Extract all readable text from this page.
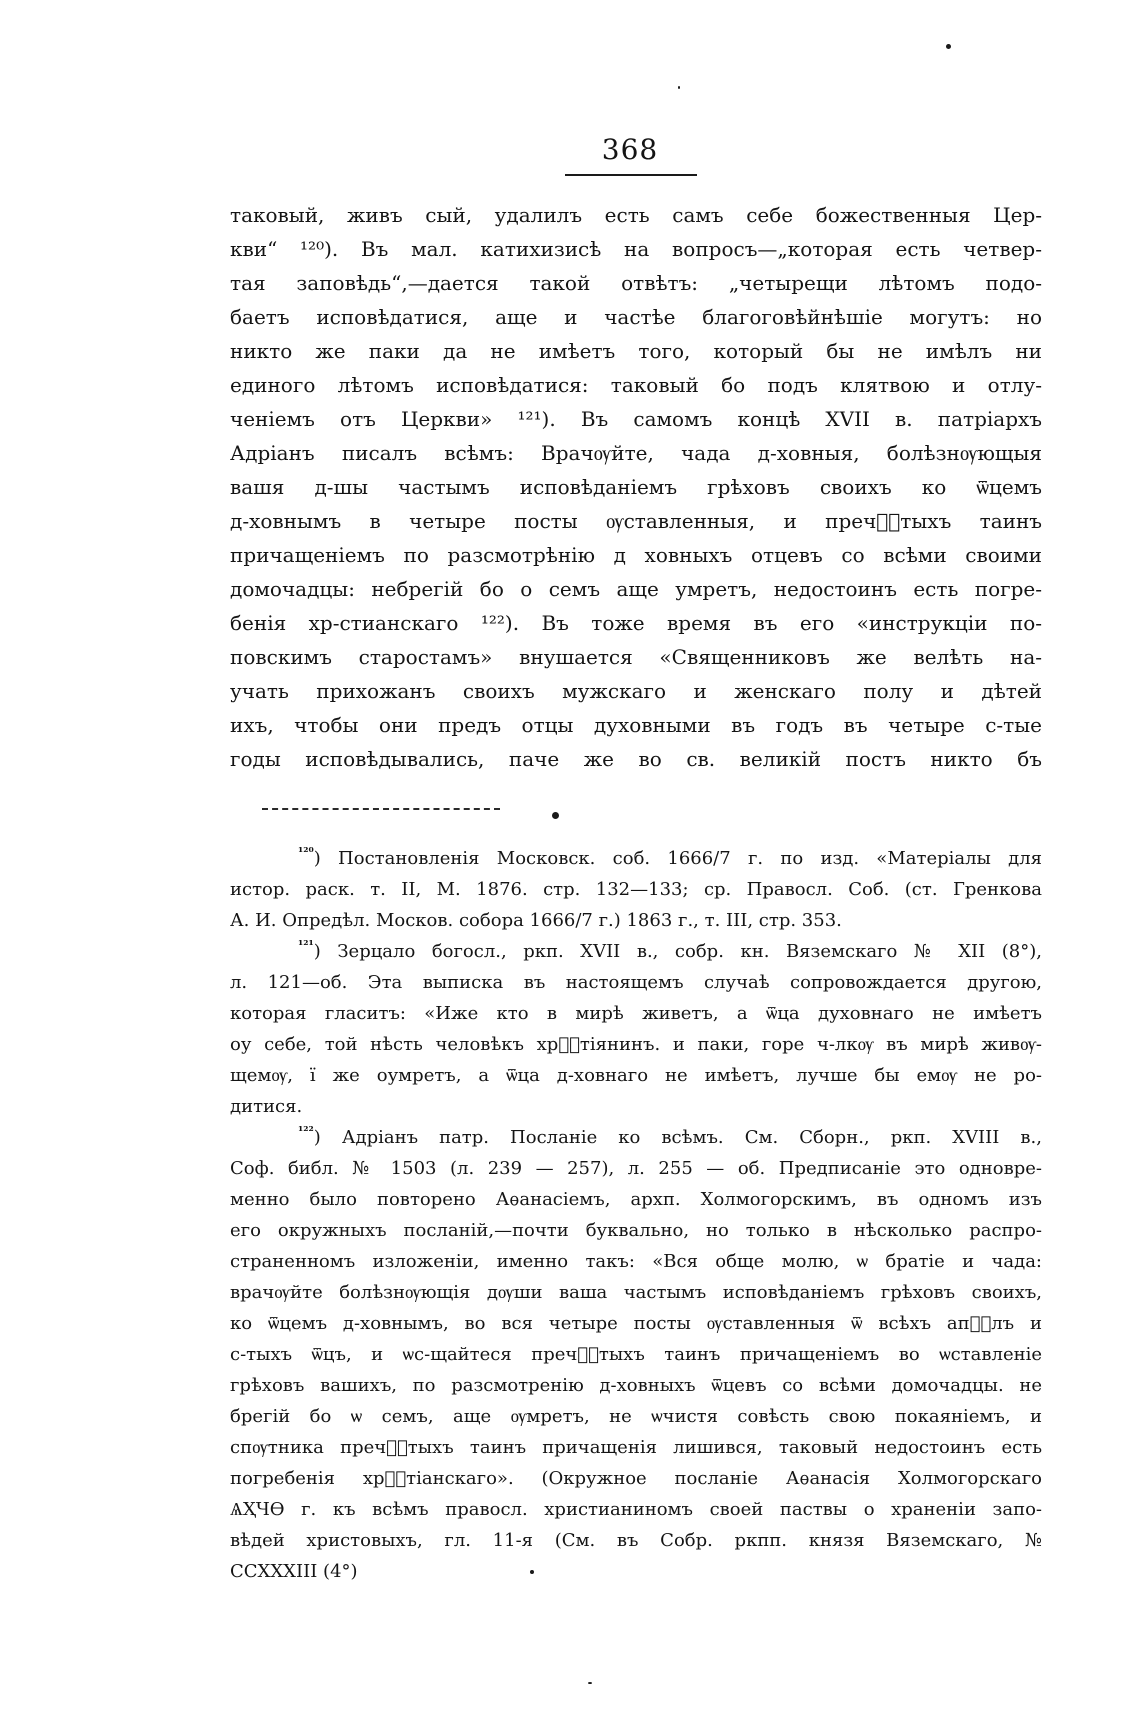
368
таковый, живъ сый, удалилъ есть самъ себе божественныя Цер-
кви“ ¹²⁰). Въ мал. катихизисѣ на вопросъ—„которая есть четвер-
тая заповѣдь“,—дается такой отвѣтъ: „четырещи лѣтомъ подо-
баетъ исповѣдатися, аще и частѣе благоговѣйнѣшіе могутъ: но
никто же паки да не имѣетъ того, который бы не имѣлъ ни
единого лѣтомъ исповѣдатися: таковый бо подъ клятвою и отлу-
ченіемъ отъ Церкви» ¹²¹). Въ самомъ концѣ XVII в. патріархъ
Адріанъ писалъ всѣмъ: Врачѹйте, чада д-ховныя, болѣзнѹющыя
вашя д-шы частымъ исповѣданіемъ грѣховъ своихъ ко ѿцемъ
д-ховнымъ в четыре посты ѹставленныя, и пречⷭ҇тыхъ таинъ
причащеніемъ по разсмотрѣнію д ховныхъ отцевъ со всѣми своими
домочадцы: небрегій бо о семъ аще умретъ, недостоинъ есть погре-
бенія хр-стианскаго ¹²²). Въ тоже время въ его «инструкціи по-
повскимъ старостамъ» внушается «Священниковъ же велѣть на-
учать прихожанъ своихъ мужскаго и женскаго полу и дѣтей
ихъ, чтобы они предъ отцы духовными въ годъ въ четыре с-тые
годы исповѣдывались, паче же во св. великій постъ никто бъ
$^{^{120}}$) Постановленія Московск. соб. 1666/7 г. по изд. «Матеріалы для
истор. раск. т. II, М. 1876. стр. 132—133; ср. Правосл. Соб. (ст. Гренкова
А. И. Опредѣл. Москов. собора 1666/7 г.) 1863 г., т. III, стр. 353.
$^{^{121}}$) Зерцало богосл., ркп. XVII в., собр. кн. Вяземскаго № XII (8°),
л. 121—об. Эта выписка въ настоящемъ случаѣ сопровождается другою,
которая гласитъ: «Иже кто в мирѣ живетъ, а ѿца духовнаго не имѣетъ
оу себе, той нѣсть человѣкъ хрⷭ҇тіянинъ. и паки, горе ч-лкѹ въ мирѣ живѹ-
щемѹ, ї же оумретъ, а ѿца д-ховнаго не имѣетъ, лучше бы емѹ не ро-
дитися.
$^{^{122}}$) Адріанъ патр. Посланіе ко всѣмъ. См. Сборн., ркп. XVIII в.,
Соф. библ. № 1503 (л. 239 — 257), л. 255 — об. Предписаніе это одновре-
менно было повторено Аѳанасіемъ, архп. Холмогорскимъ, въ одномъ изъ
его окружныхъ посланій,—почти буквально, но только в нѣсколько распро-
страненномъ изложеніи, именно такъ: «Вся обще молю, ѡ братіе и чада:
врачѹйте болѣзнѹющія дѹши ваша частымъ исповѣданіемъ грѣховъ своихъ,
ко ѿцемъ д-ховнымъ, во вся четыре посты ѹставленныя ѿ всѣхъ апⷭ҇лъ и
с-тыхъ ѿцъ, и ѡс-щайтеся пречⷭ҇тыхъ таинъ причащеніемъ во ѡставленіе
грѣховъ вашихъ, по разсмотренію д-ховныхъ ѿцевъ со всѣми домочадцы. не
брегій бо ѡ семъ, аще ѹмретъ, не ѡчистя совѣсть свою покаяніемъ, и
спѹтника пречⷭ҇тыхъ таинъ причащенія лишився, таковый недостоинъ есть
погребенія хрⷭ҇тіанскаго». (Окружное посланіе Аѳанасія Холмогорскаго
ѦҲЧѲ г. къ всѣмъ правосл. христианиномъ своей паствы о храненіи запо-
вѣдей христовыхъ, гл. 11-я (См. въ Собр. ркпп. князя Вяземскаго, №
CCXXXIII (4°)
